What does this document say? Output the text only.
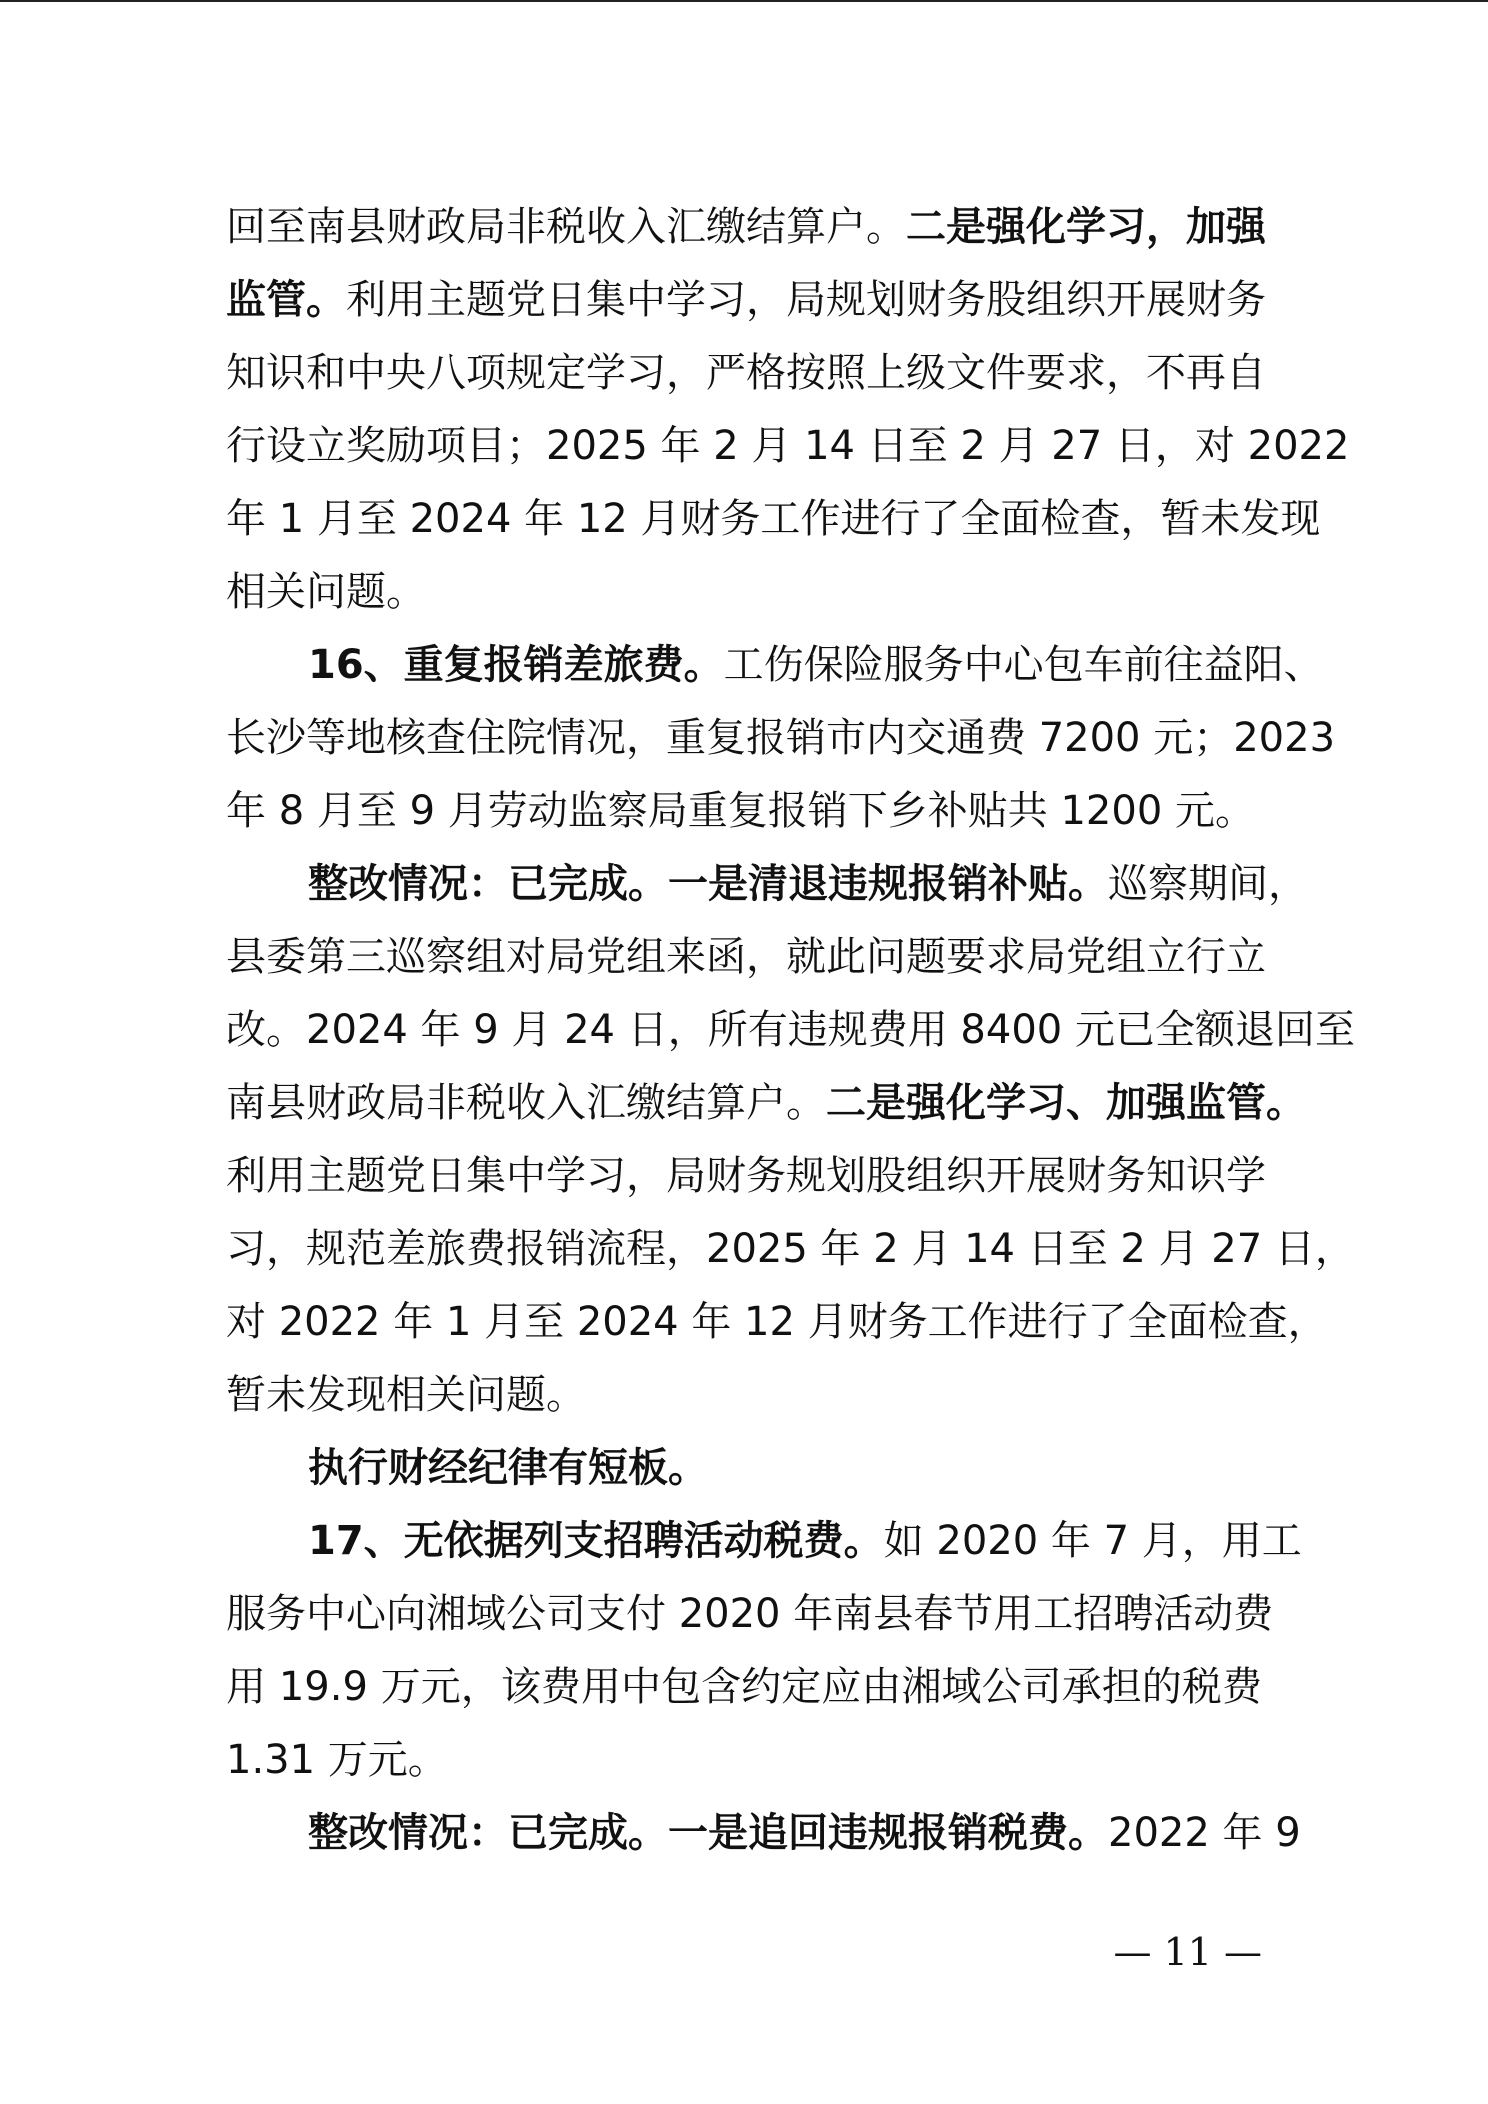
回至南县财政局非税收入汇缴结算户。二是强化学习，加强
监管。利用主题党日集中学习，局规划财务股组织开展财务
知识和中央八项规定学习，严格按照上级文件要求，不再自
行设立奖励项目；2025 年 2 月 14 日至 2 月 27 日，对 2022
年 1 月至 2024 年 12 月财务工作进行了全面检查，暂未发现
相关问题。
16、重复报销差旅费。工伤保险服务中心包车前往益阳、
长沙等地核查住院情况，重复报销市内交通费 7200 元；2023
年 8 月至 9 月劳动监察局重复报销下乡补贴共 1200 元。
整改情况：已完成。一是清退违规报销补贴。巡察期间，
县委第三巡察组对局党组来函，就此问题要求局党组立行立
改。2024 年 9 月 24 日，所有违规费用 8400 元已全额退回至
南县财政局非税收入汇缴结算户。二是强化学习、加强监管。
利用主题党日集中学习，局财务规划股组织开展财务知识学
习，规范差旅费报销流程，2025 年 2 月 14 日至 2 月 27 日，
对 2022 年 1 月至 2024 年 12 月财务工作进行了全面检查，
暂未发现相关问题。
执行财经纪律有短板。
17、无依据列支招聘活动税费。如 2020 年 7 月，用工
服务中心向湘域公司支付 2020 年南县春节用工招聘活动费
用 19.9 万元，该费用中包含约定应由湘域公司承担的税费
1.31 万元。
整改情况：已完成。一是追回违规报销税费。2022 年 9
— 11 —
